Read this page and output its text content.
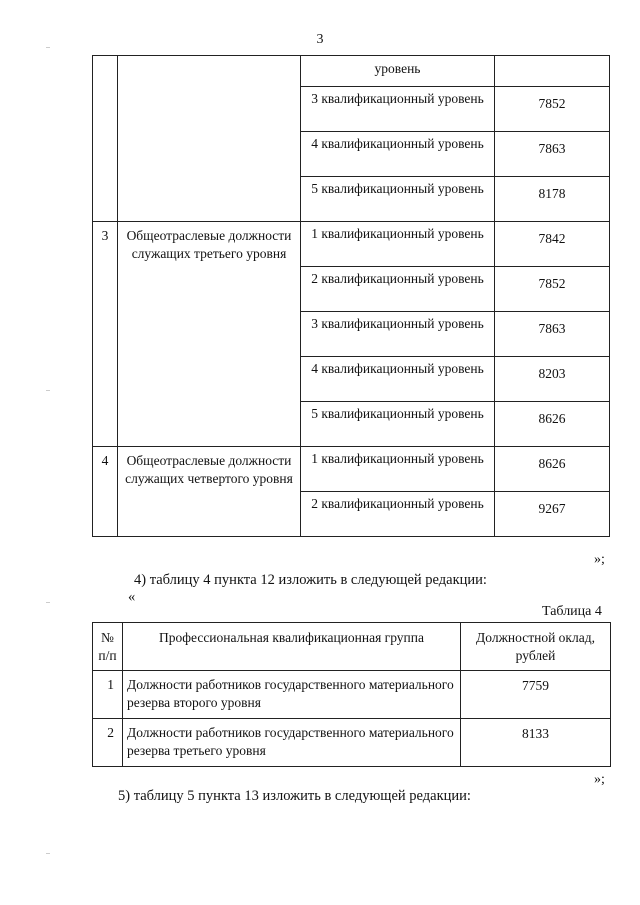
3
		уровень	
		3 квалификационный уровень	7852
		4 квалификационный уровень	7863
		5 квалификационный уровень	8178
3	Общеотраслевые должности служащих третьего уровня	1 квалификационный уровень	7842
		2 квалификационный уровень	7852
		3 квалификационный уровень	7863
		4 квалификационный уровень	8203
		5 квалификационный уровень	8626
4	Общеотраслевые должности служащих четвертого уровня	1 квалификационный уровень	8626
		2 квалификационный уровень	9267
»;
4) таблицу 4 пункта 12 изложить в следующей редакции:
«
Таблица 4
№ п/п	Профессиональная квалификационная группа	Должностной оклад, рублей
1	Должности работников государственного материального резерва второго уровня	7759
2	Должности работников государственного материального резерва третьего уровня	8133
»;
5) таблицу 5 пункта 13 изложить в следующей редакции:
